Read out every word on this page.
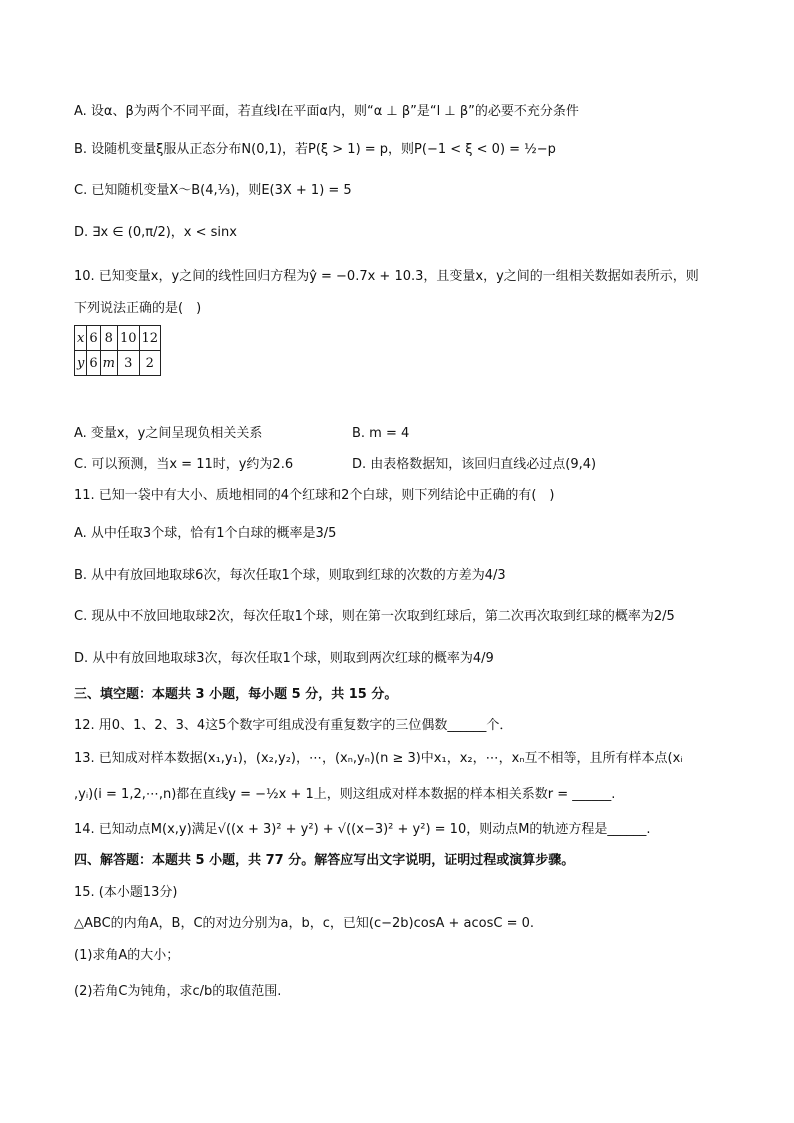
A. 设α、β为两个不同平面，若直线l在平面α内，则“α ⊥ β”是“l ⊥ β”的必要不充分条件
B. 设随机变量ξ服从正态分布N(0,1)，若P(ξ > 1) = p，则P(−1 < ξ < 0) = ½−p
C. 已知随机变量X～B(4,⅓)，则E(3X + 1) = 5
D. ∃x ∈ (0,π/2)，x < sinx
10. 已知变量x，y之间的线性回归方程为ŷ = −0.7x + 10.3，且变量x，y之间的一组相关数据如表所示，则
下列说法正确的是(　)
x	6	8	10	12
y	6	m	3	2
A. 变量x，y之间呈现负相关关系	B. m = 4
C. 可以预测，当x = 11时，y约为2.6	D. 由表格数据知，该回归直线必过点(9,4)
11. 已知一袋中有大小、质地相同的4个红球和2个白球，则下列结论中正确的有(　)
A. 从中任取3个球，恰有1个白球的概率是3/5
B. 从中有放回地取球6次，每次任取1个球，则取到红球的次数的方差为4/3
C. 现从中不放回地取球2次，每次任取1个球，则在第一次取到红球后，第二次再次取到红球的概率为2/5
D. 从中有放回地取球3次，每次任取1个球，则取到两次红球的概率为4/9
三、填空题：本题共 3 小题，每小题 5 分，共 15 分。
12. 用0、1、2、3、4这5个数字可组成没有重复数字的三位偶数______个．
13. 已知成对样本数据(x₁,y₁)，(x₂,y₂)，⋯，(xₙ,yₙ)(n ≥ 3)中x₁，x₂，⋯，xₙ互不相等，且所有样本点(xᵢ
,yᵢ)(i = 1,2,⋯,n)都在直线y = −½x + 1上，则这组成对样本数据的样本相关系数r = ______.
14. 已知动点M(x,y)满足√((x + 3)² + y²) + √((x−3)² + y²) = 10，则动点M的轨迹方程是______.
四、解答题：本题共 5 小题，共 77 分。解答应写出文字说明，证明过程或演算步骤。
15. (本小题13分)
△ABC的内角A，B，C的对边分别为a，b，c，已知(c−2b)cosA + acosC = 0.
(1)求角A的大小；
(2)若角C为钝角，求c/b的取值范围.
